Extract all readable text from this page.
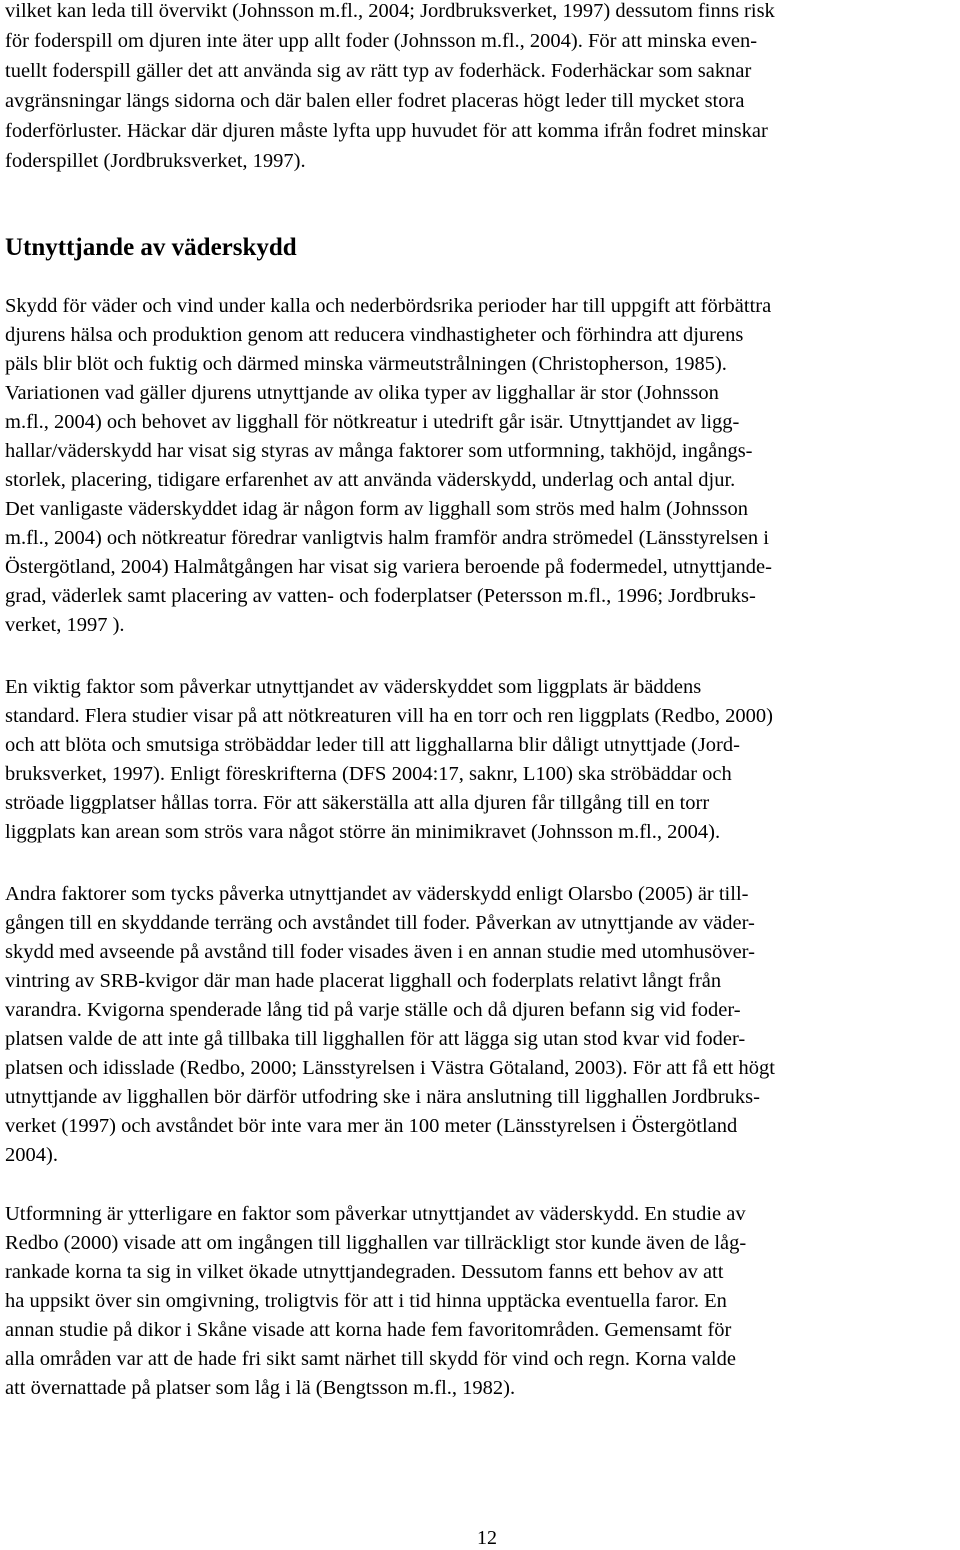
vilket kan leda till övervikt (Johnsson m.fl., 2004; Jordbruksverket, 1997) dessutom finns risk
för foderspill om djuren inte äter upp allt foder (Johnsson m.fl., 2004). För att minska even-
tuellt foderspill gäller det att använda sig av rätt typ av foderhäck. Foderhäckar som saknar
avgränsningar längs sidorna och där balen eller fodret placeras högt leder till mycket stora
foderförluster. Häckar där djuren måste lyfta upp huvudet för att komma ifrån fodret minskar
foderspillet (Jordbruksverket, 1997).
Utnyttjande av väderskydd
Skydd för väder och vind under kalla och nederbördsrika perioder har till uppgift att förbättra
djurens hälsa och produktion genom att reducera vindhastigheter och förhindra att djurens
päls blir blöt och fuktig och därmed minska värmeutstrålningen (Christopherson, 1985).
Variationen vad gäller djurens utnyttjande av olika typer av ligghallar är stor (Johnsson
m.fl., 2004) och behovet av ligghall för nötkreatur i utedrift går isär. Utnyttjandet av ligg-
hallar/väderskydd har visat sig styras av många faktorer som utformning, takhöjd, ingångs-
storlek, placering, tidigare erfarenhet av att använda väderskydd, underlag och antal djur.
Det vanligaste väderskyddet idag är någon form av ligghall som strös med halm (Johnsson
m.fl., 2004) och nötkreatur föredrar vanligtvis halm framför andra strömedel (Länsstyrelsen i
Östergötland, 2004) Halmåtgången har visat sig variera beroende på fodermedel, utnyttjande-
grad, väderlek samt placering av vatten- och foderplatser (Petersson m.fl., 1996; Jordbruks-
verket, 1997 ).
En viktig faktor som påverkar utnyttjandet av väderskyddet som liggplats är bäddens
standard. Flera studier visar på att nötkreaturen vill ha en torr och ren liggplats (Redbo, 2000)
och att blöta och smutsiga ströbäddar leder till att ligghallarna blir dåligt utnyttjade (Jord-
bruksverket, 1997). Enligt föreskrifterna (DFS 2004:17, saknr, L100) ska ströbäddar och
ströade liggplatser hållas torra. För att säkerställa att alla djuren får tillgång till en torr
liggplats kan arean som strös vara något större än minimikravet (Johnsson m.fl., 2004).
Andra faktorer som tycks påverka utnyttjandet av väderskydd enligt Olarsbo (2005) är till-
gången till en skyddande terräng och avståndet till foder. Påverkan av utnyttjande av väder-
skydd med avseende på avstånd till foder visades även i en annan studie med utomhusöver-
vintring av SRB-kvigor där man hade placerat ligghall och foderplats relativt långt från
varandra. Kvigorna spenderade lång tid på varje ställe och då djuren befann sig vid foder-
platsen valde de att inte gå tillbaka till ligghallen för att lägga sig utan stod kvar vid foder-
platsen och idisslade (Redbo, 2000; Länsstyrelsen i Västra Götaland, 2003). För att få ett högt
utnyttjande av ligghallen bör därför utfodring ske i nära anslutning till ligghallen Jordbruks-
verket (1997) och avståndet bör inte vara mer än 100 meter (Länsstyrelsen i Östergötland
2004).
Utformning är ytterligare en faktor som påverkar utnyttjandet av väderskydd. En studie av
Redbo (2000) visade att om ingången till ligghallen var tillräckligt stor kunde även de låg-
rankade korna ta sig in vilket ökade utnyttjandegraden. Dessutom fanns ett behov av att
ha uppsikt över sin omgivning, troligtvis för att i tid hinna upptäcka eventuella faror. En
annan studie på dikor i Skåne visade att korna hade fem favoritområden. Gemensamt för
alla områden var att de hade fri sikt samt närhet till skydd för vind och regn. Korna valde
att övernattade på platser som låg i lä (Bengtsson m.fl., 1982).
12
